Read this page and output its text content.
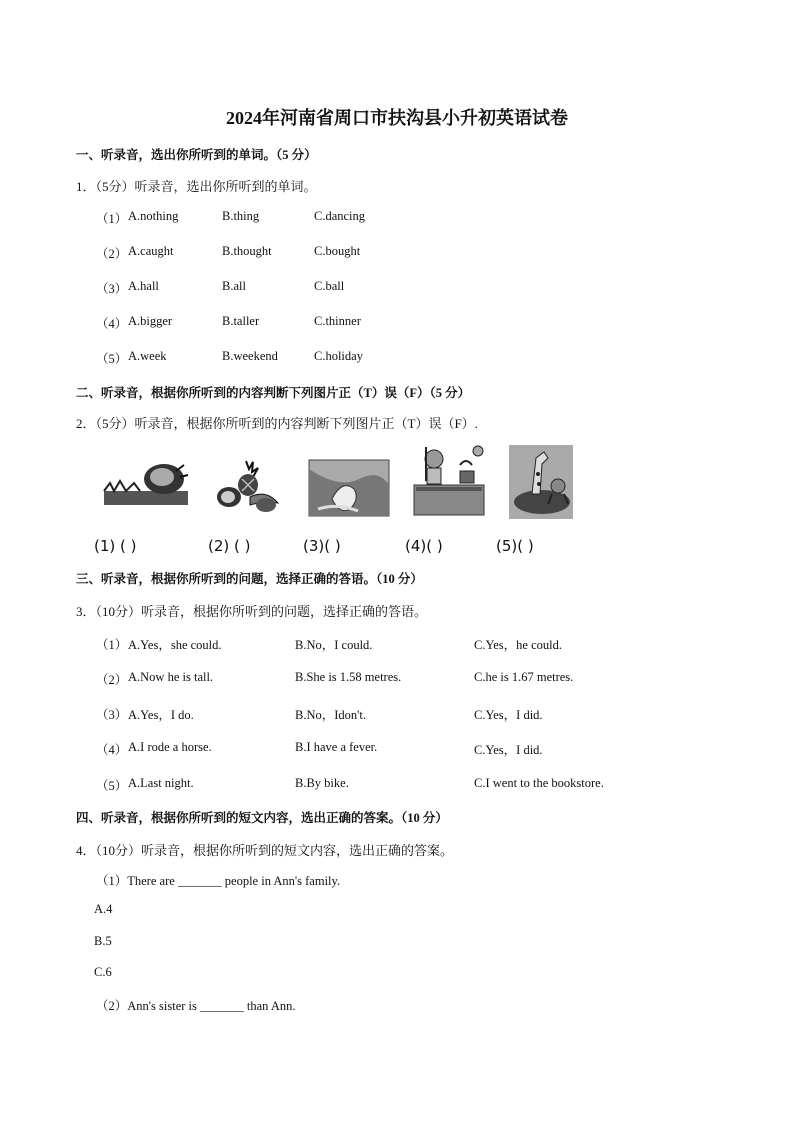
2024年河南省周口市扶沟县小升初英语试卷
一、听录音，选出你所听到的单词。（5 分）
1．（5分）听录音，选出你所听到的单词。
（1） A.nothing	B.thing	C.dancing
（2） A.caught	B.thought	C.bought
（3） A.hall	B.all	C.ball
（4） A.bigger	B.taller	C.thinner
（5） A.week	B.weekend	C.holiday
二、听录音，根据你所听到的内容判断下列图片正（T）误（F）（5 分）
2．（5分）听录音，根据你所听到的内容判断下列图片正（T）误（F）.
(1) ( )	(2) ( )	(3)( )	(4)( )	(5)( )
三、听录音，根据你所听到的问题，选择正确的答语。（10 分）
3．（10分）听录音，根据你所听到的问题，选择正确的答语。
（1） A.Yes，she could.	B.No，I could.	C.Yes，he could.
（2） A.Now he is tall.	B.She is 1.58 metres.	C.he is 1.67 metres.
（3） A.Yes，I do.	B.No，Idon't.	C.Yes，I did.
（4） A.I rode a horse.	B.I have a fever.	C.Yes，I did.
（5） A.Last night.	B.By bike.	C.I went to the bookstore.
四、听录音，根据你所听到的短文内容，选出正确的答案。（10 分）
4．（10分）听录音，根据你所听到的短文内容，选出正确的答案。
（1）There are _______ people in Ann's family.
A.4
B.5
C.6
（2）Ann's sister is _______ than Ann.
